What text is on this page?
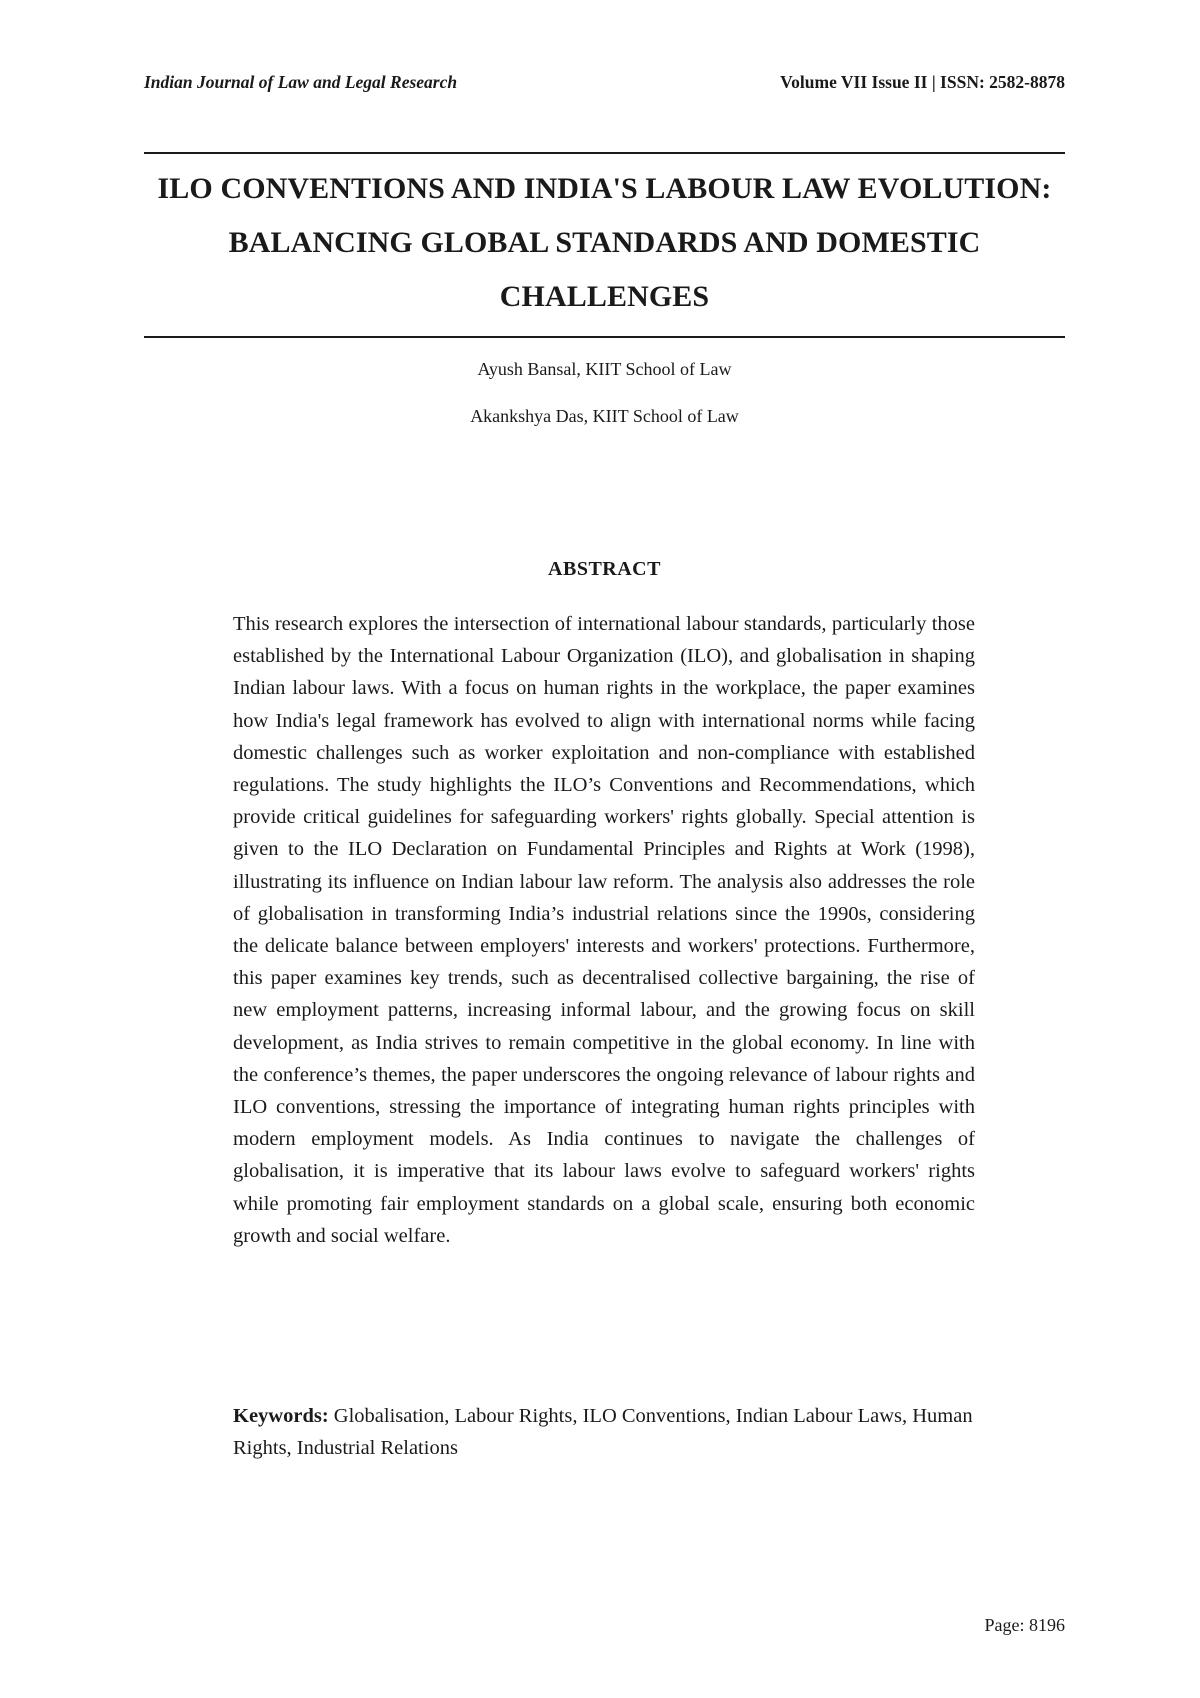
Indian Journal of Law and Legal Research	Volume VII Issue II | ISSN: 2582-8878
ILO CONVENTIONS AND INDIA'S LABOUR LAW EVOLUTION: BALANCING GLOBAL STANDARDS AND DOMESTIC CHALLENGES
Ayush Bansal, KIIT School of Law
Akankshya Das, KIIT School of Law
ABSTRACT

This research explores the intersection of international labour standards, particularly those established by the International Labour Organization (ILO), and globalisation in shaping Indian labour laws. With a focus on human rights in the workplace, the paper examines how India's legal framework has evolved to align with international norms while facing domestic challenges such as worker exploitation and non-compliance with established regulations. The study highlights the ILO’s Conventions and Recommendations, which provide critical guidelines for safeguarding workers' rights globally. Special attention is given to the ILO Declaration on Fundamental Principles and Rights at Work (1998), illustrating its influence on Indian labour law reform. The analysis also addresses the role of globalisation in transforming India’s industrial relations since the 1990s, considering the delicate balance between employers' interests and workers' protections. Furthermore, this paper examines key trends, such as decentralised collective bargaining, the rise of new employment patterns, increasing informal labour, and the growing focus on skill development, as India strives to remain competitive in the global economy. In line with the conference’s themes, the paper underscores the ongoing relevance of labour rights and ILO conventions, stressing the importance of integrating human rights principles with modern employment models. As India continues to navigate the challenges of globalisation, it is imperative that its labour laws evolve to safeguard workers' rights while promoting fair employment standards on a global scale, ensuring both economic growth and social welfare.

Keywords: Globalisation, Labour Rights, ILO Conventions, Indian Labour Laws, Human Rights, Industrial Relations

Page: 8196
